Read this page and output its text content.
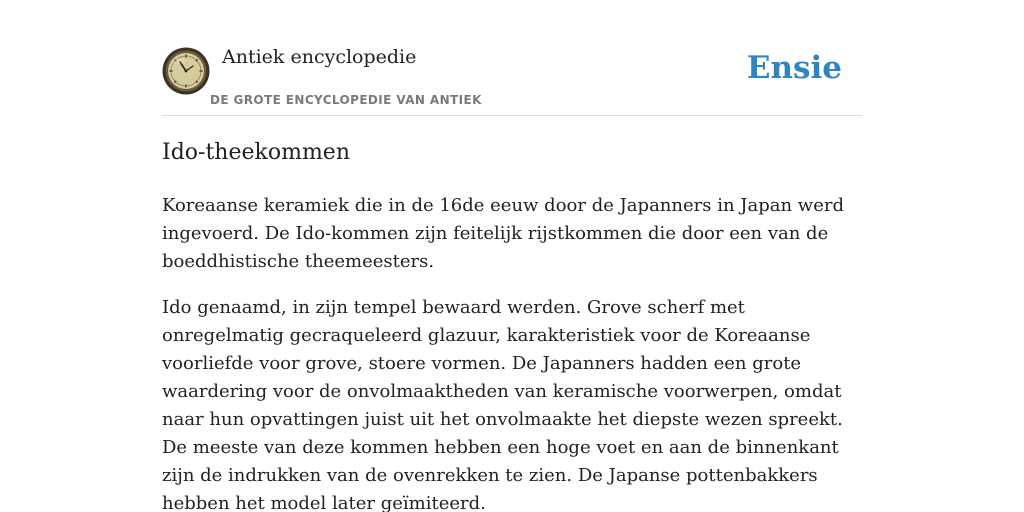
Antiek encyclopedie
DE GROTE ENCYCLOPEDIE VAN ANTIEK
Ensie
Ido-theekommen

Koreaanse keramiek die in de 16de eeuw door de Japanners in Japan werd ingevoerd. De Ido-kommen zijn feitelijk rijstkommen die door een van de boeddhistische theemeesters.

Ido genaamd, in zijn tempel bewaard werden. Grove scherf met onregelmatig gecraqueleerd glazuur, karakteristiek voor de Koreaanse voorliefde voor grove, stoere vormen. De Japanners hadden een grote waardering voor de onvolmaaktheden van keramische voorwerpen, omdat naar hun opvattingen juist uit het onvolmaakte het diepste wezen spreekt. De meeste van deze kommen hebben een hoge voet en aan de binnenkant zijn de indrukken van de ovenrekken te zien. De Japanse pottenbakkers hebben het model later geïmiteerd.
